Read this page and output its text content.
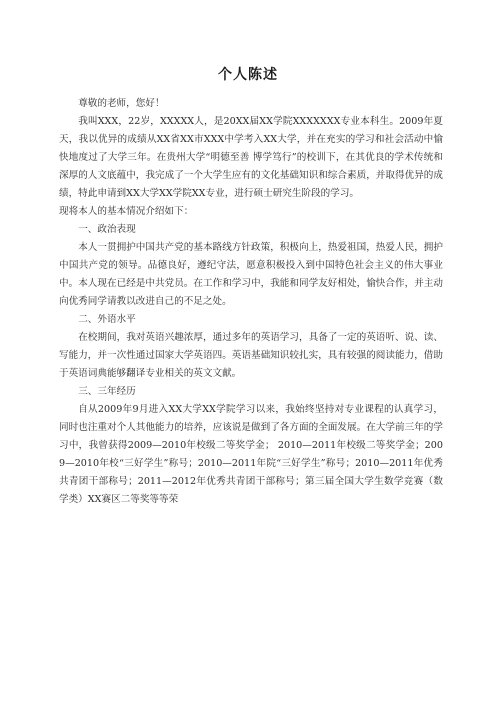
个人陈述

尊敬的老师，您好！

我叫XXX，22岁，XXXXX人，是20XX届XX学院XXXXXXX专业本科生。2009年夏天，我以优异的成绩从XX省XX市XXX中学考入XX大学，并在充实的学习和社会活动中愉快地度过了大学三年。在贵州大学“明德至善 博学笃行”的校训下，在其优良的学术传统和深厚的人文底蕴中，我完成了一个大学生应有的文化基础知识和综合素质，并取得优异的成绩，特此申请到XX大学XX学院XX专业，进行硕士研究生阶段的学习。

现将本人的基本情况介绍如下：

一、政治表现

本人一贯拥护中国共产党的基本路线方针政策，积极向上，热爱祖国，热爱人民，拥护中国共产党的领导。品德良好，遵纪守法，愿意积极投入到中国特色社会主义的伟大事业中。本人现在已经是中共党员。在工作和学习中，我能和同学友好相处，愉快合作，并主动向优秀同学请教以改进自己的不足之处。

二、外语水平

在校期间，我对英语兴趣浓厚，通过多年的英语学习，具备了一定的英语听、说、读、写能力，并一次性通过国家大学英语四。英语基础知识较扎实，具有较强的阅读能力，借助于英语词典能够翻译专业相关的英文文献。

三、三年经历

自从2009年9月进入XX大学XX学院学习以来，我始终坚持对专业课程的认真学习，同时也注重对个人其他能力的培养，应该说是做到了各方面的全面发展。在大学前三年的学习中，我曾获得2009—2010年校级二等奖学金； 2010—2011年校级二等奖学金；2009—2010年校“三好学生”称号；2010—2011年院“三好学生”称号；2010—2011年优秀共青团干部称号；2011—2012年优秀共青团干部称号；第三届全国大学生数学竞赛（数学类）XX赛区二等奖等等荣
